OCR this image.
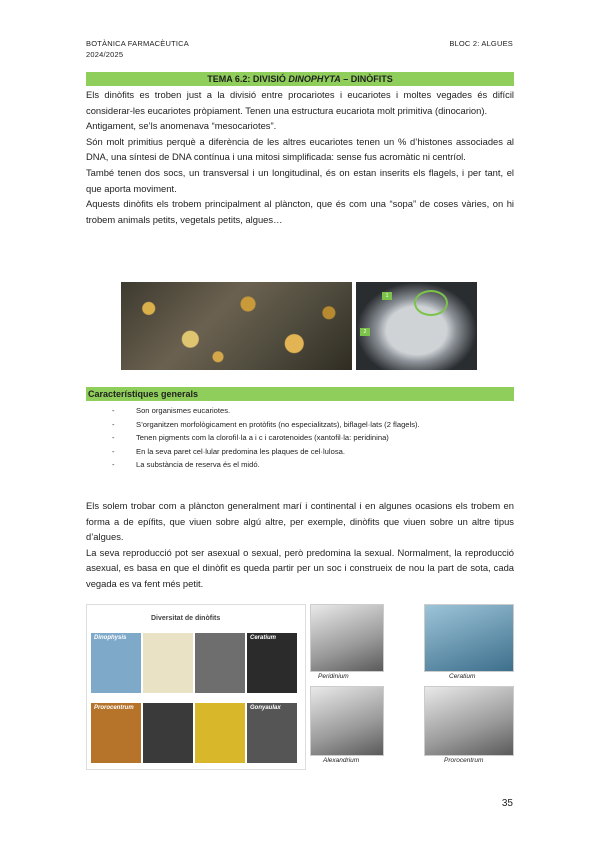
BOTÀNICA FARMACÈUTICA
2024/2025
BLOC 2: ALGUES
TEMA 6.2: DIVISIÓ DINOPHYTA – DINÒFITS
Els dinòfits es troben just a la divisió entre procariotes i eucariotes i moltes vegades és difícil considerar-les eucariotes pròpiament. Tenen una estructura eucariota molt primitiva (dinocarion).
Antigament, se’ls anomenava “mesocariotes”.
Són molt primitius perquè a diferència de les altres eucariotes tenen un % d’histones associades al DNA, una síntesi de DNA contínua i una mitosi simplificada: sense fus acromàtic ni centríol.
També tenen dos socs, un transversal i un longitudinal, és on estan inserits els flagels, i per tant, el que aporta moviment.
Aquests dinòfits els trobem principalment al plàncton, que és com una “sopa” de coses vàries, on hi trobem animals petits, vegetals petits, algues…
1
2
Característiques generals
- Son organismes eucariotes.
- S’organitzen morfològicament en protòfits (no especialitzats), biflagel·lats (2 flagels).
- Tenen pigments com la clorofil·la a i c i carotenoides (xantofil·la: peridinina)
- En la seva paret cel·lular predomina les plaques de cel·lulosa.
- La substància de reserva és el midó.
Els solem trobar com a plàncton generalment marí i continental i en algunes ocasions els trobem en forma a de epífits, que viuen sobre algú altre, per exemple, dinòfits que viuen sobre un altre tipus d’algues.
La seva reproducció pot ser asexual o sexual, però predomina la sexual. Normalment, la reproducció asexual, es basa en que el dinòfit es queda partir per un soc i construeix de nou la part de sota, cada vegada es va fent més petit.
Diversitat de dinòfits
Dinophysis	Ceratium
Prorocentrum	Gonyaulax
Peridinium	Ceratium
Alexandrium	Prorocentrum
35
